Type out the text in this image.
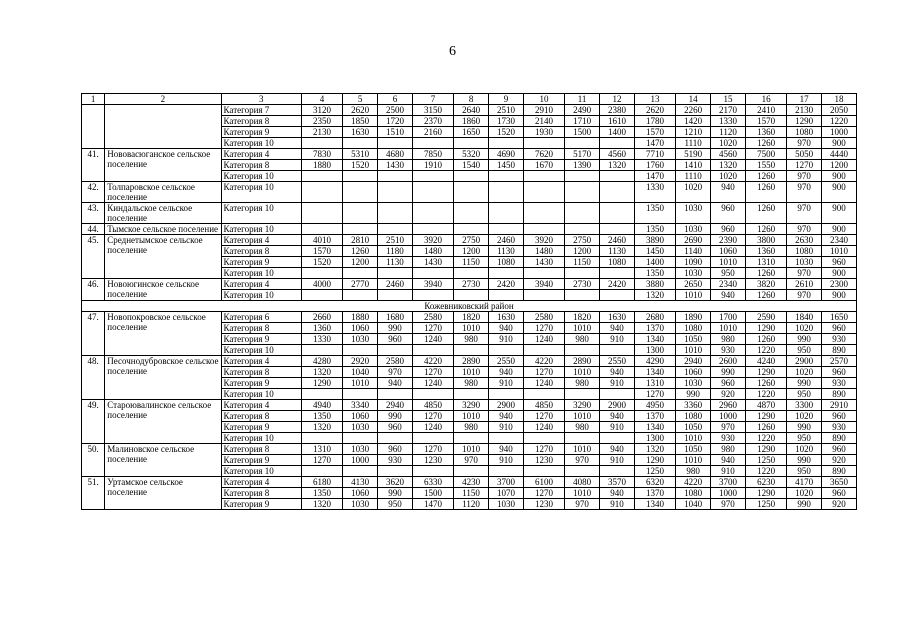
6
1	2	3	4	5	6	7	8	9	10	11	12	13	14	15	16	17	18
		Категория 7	3120	2620	2500	3150	2640	2510	2910	2490	2380	2620	2260	2170	2410	2130	2050
		Категория 8	2350	1850	1720	2370	1860	1730	2140	1710	1610	1780	1420	1330	1570	1290	1220
		Категория 9	2130	1630	1510	2160	1650	1520	1930	1500	1400	1570	1210	1120	1360	1080	1000
		Категория 10										1470	1110	1020	1260	970	900
41.	Нововасюганское сельское поселение	Категория 4	7830	5310	4680	7850	5320	4690	7620	5170	4560	7710	5190	4560	7500	5050	4440
		Категория 8	1880	1520	1430	1910	1540	1450	1670	1390	1320	1760	1410	1320	1550	1270	1200
		Категория 10										1470	1110	1020	1260	970	900
42.	Толпаровское сельское поселение	Категория 10										1330	1020	940	1260	970	900
43.	Киндальское сельское поселение	Категория 10										1350	1030	960	1260	970	900
44.	Тымское сельское поселение	Категория 10										1350	1030	960	1260	970	900
45.	Среднетымское сельское поселение	Категория 4	4010	2810	2510	3920	2750	2460	3920	2750	2460	3890	2690	2390	3800	2630	2340
		Категория 8	1570	1260	1180	1480	1200	1130	1480	1200	1130	1450	1140	1060	1360	1080	1010
		Категория 9	1520	1200	1130	1430	1150	1080	1430	1150	1080	1400	1090	1010	1310	1030	960
		Категория 10										1350	1030	950	1260	970	900
46.	Новоюгинское сельское поселение	Категория 4	4000	2770	2460	3940	2730	2420	3940	2730	2420	3880	2650	2340	3820	2610	2300
		Категория 10										1320	1010	940	1260	970	900
Кожевниковский район																	
47.	Новопокровское сельское поселение	Категория 6	2660	1880	1680	2580	1820	1630	2580	1820	1630	2680	1890	1700	2590	1840	1650
		Категория 8	1360	1060	990	1270	1010	940	1270	1010	940	1370	1080	1010	1290	1020	960
		Категория 9	1330	1030	960	1240	980	910	1240	980	910	1340	1050	980	1260	990	930
		Категория 10										1300	1010	930	1220	950	890
48.	Песочнодубровское сельское поселение	Категория 4	4280	2920	2580	4220	2890	2550	4220	2890	2550	4290	2940	2600	4240	2900	2570
		Категория 8	1320	1040	970	1270	1010	940	1270	1010	940	1340	1060	990	1290	1020	960
		Категория 9	1290	1010	940	1240	980	910	1240	980	910	1310	1030	960	1260	990	930
		Категория 10										1270	990	920	1220	950	890
49.	Староювалинское сельское поселение	Категория 4	4940	3340	2940	4850	3290	2900	4850	3290	2900	4950	3360	2960	4870	3300	2910
		Категория 8	1350	1060	990	1270	1010	940	1270	1010	940	1370	1080	1000	1290	1020	960
		Категория 9	1320	1030	960	1240	980	910	1240	980	910	1340	1050	970	1260	990	930
		Категория 10										1300	1010	930	1220	950	890
50.	Малиновское сельское поселение	Категория 8	1310	1030	960	1270	1010	940	1270	1010	940	1320	1050	980	1290	1020	960
		Категория 9	1270	1000	930	1230	970	910	1230	970	910	1290	1010	940	1250	990	920
		Категория 10										1250	980	910	1220	950	890
51.	Уртамское сельское поселение	Категория 4	6180	4130	3620	6330	4230	3700	6100	4080	3570	6320	4220	3700	6230	4170	3650
		Категория 8	1350	1060	990	1500	1150	1070	1270	1010	940	1370	1080	1000	1290	1020	960
		Категория 9	1320	1030	950	1470	1120	1030	1230	970	910	1340	1040	970	1250	990	920
